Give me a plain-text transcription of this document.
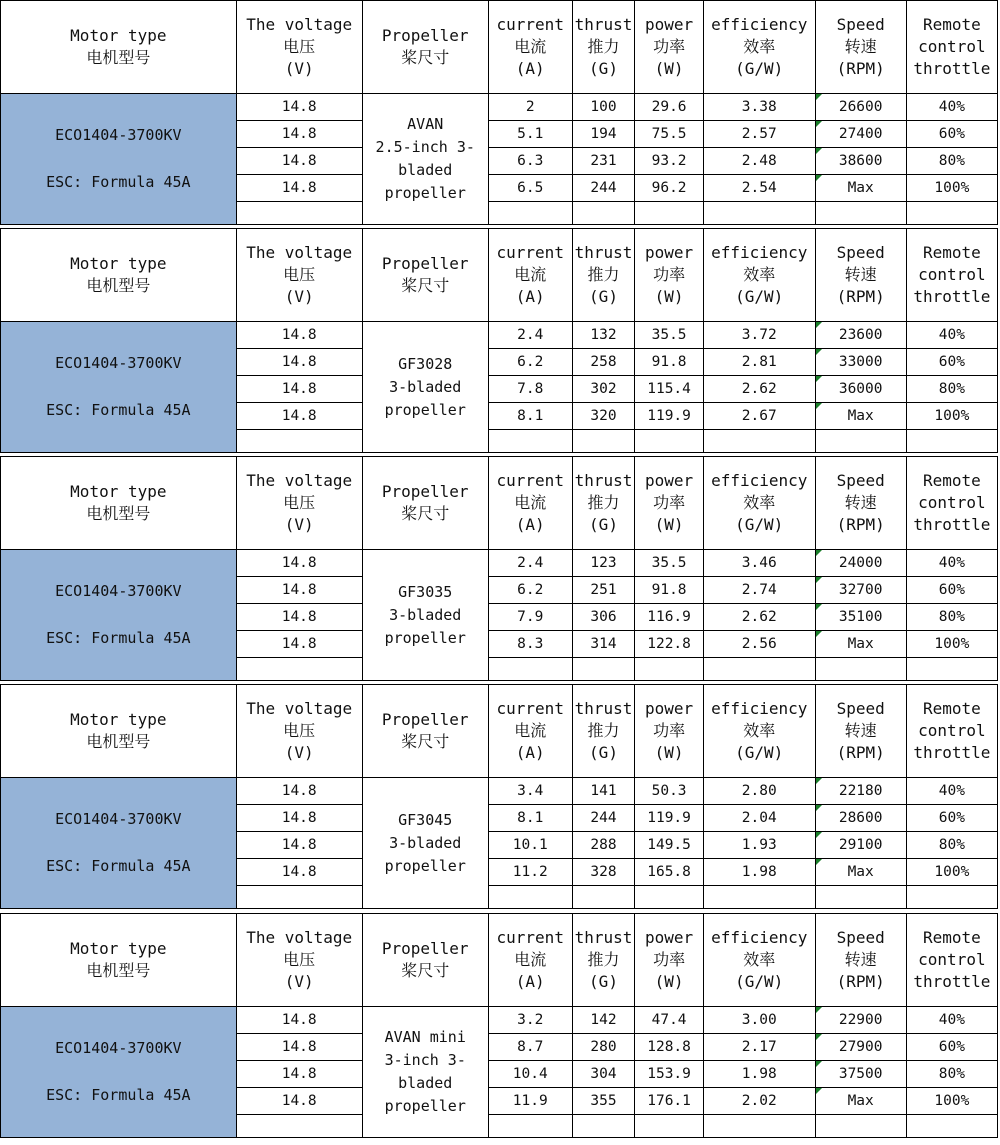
Motor type
电机型号	The voltage
电压
(V)	Propeller
桨尺寸	current
电流
(A)	thrust
推力
(G)	power
功率
(W)	efficiency
效率
(G/W)	Speed
转速
(RPM)	Remote
control
throttle

ECO1404-3700KV
ESC: Formula 45A	14.8	AVAN
2.5-inch 3-
bladed
propeller	2	100	29.6	3.38	26600	40%
	14.8		5.1	194	75.5	2.57	27400	60%
	14.8		6.3	231	93.2	2.48	38600	80%
	14.8		6.5	244	96.2	2.54	Max	100%

Motor type
电机型号	The voltage
电压
(V)	Propeller
桨尺寸	current
电流
(A)	thrust
推力
(G)	power
功率
(W)	efficiency
效率
(G/W)	Speed
转速
(RPM)	Remote
control
throttle

ECO1404-3700KV
ESC: Formula 45A	14.8	GF3028
3-bladed
propeller	2.4	132	35.5	3.72	23600	40%
	14.8		6.2	258	91.8	2.81	33000	60%
	14.8		7.8	302	115.4	2.62	36000	80%
	14.8		8.1	320	119.9	2.67	Max	100%

Motor type
电机型号	The voltage
电压
(V)	Propeller
桨尺寸	current
电流
(A)	thrust
推力
(G)	power
功率
(W)	efficiency
效率
(G/W)	Speed
转速
(RPM)	Remote
control
throttle

ECO1404-3700KV
ESC: Formula 45A	14.8	GF3035
3-bladed
propeller	2.4	123	35.5	3.46	24000	40%
	14.8		6.2	251	91.8	2.74	32700	60%
	14.8		7.9	306	116.9	2.62	35100	80%
	14.8		8.3	314	122.8	2.56	Max	100%

Motor type
电机型号	The voltage
电压
(V)	Propeller
桨尺寸	current
电流
(A)	thrust
推力
(G)	power
功率
(W)	efficiency
效率
(G/W)	Speed
转速
(RPM)	Remote
control
throttle

ECO1404-3700KV
ESC: Formula 45A	14.8	GF3045
3-bladed
propeller	3.4	141	50.3	2.80	22180	40%
	14.8		8.1	244	119.9	2.04	28600	60%
	14.8		10.1	288	149.5	1.93	29100	80%
	14.8		11.2	328	165.8	1.98	Max	100%

Motor type
电机型号	The voltage
电压
(V)	Propeller
桨尺寸	current
电流
(A)	thrust
推力
(G)	power
功率
(W)	efficiency
效率
(G/W)	Speed
转速
(RPM)	Remote
control
throttle

ECO1404-3700KV
ESC: Formula 45A	14.8	AVAN mini
3-inch 3-
bladed
propeller	3.2	142	47.4	3.00	22900	40%
	14.8		8.7	280	128.8	2.17	27900	60%
	14.8		10.4	304	153.9	1.98	37500	80%
	14.8		11.9	355	176.1	2.02	Max	100%
